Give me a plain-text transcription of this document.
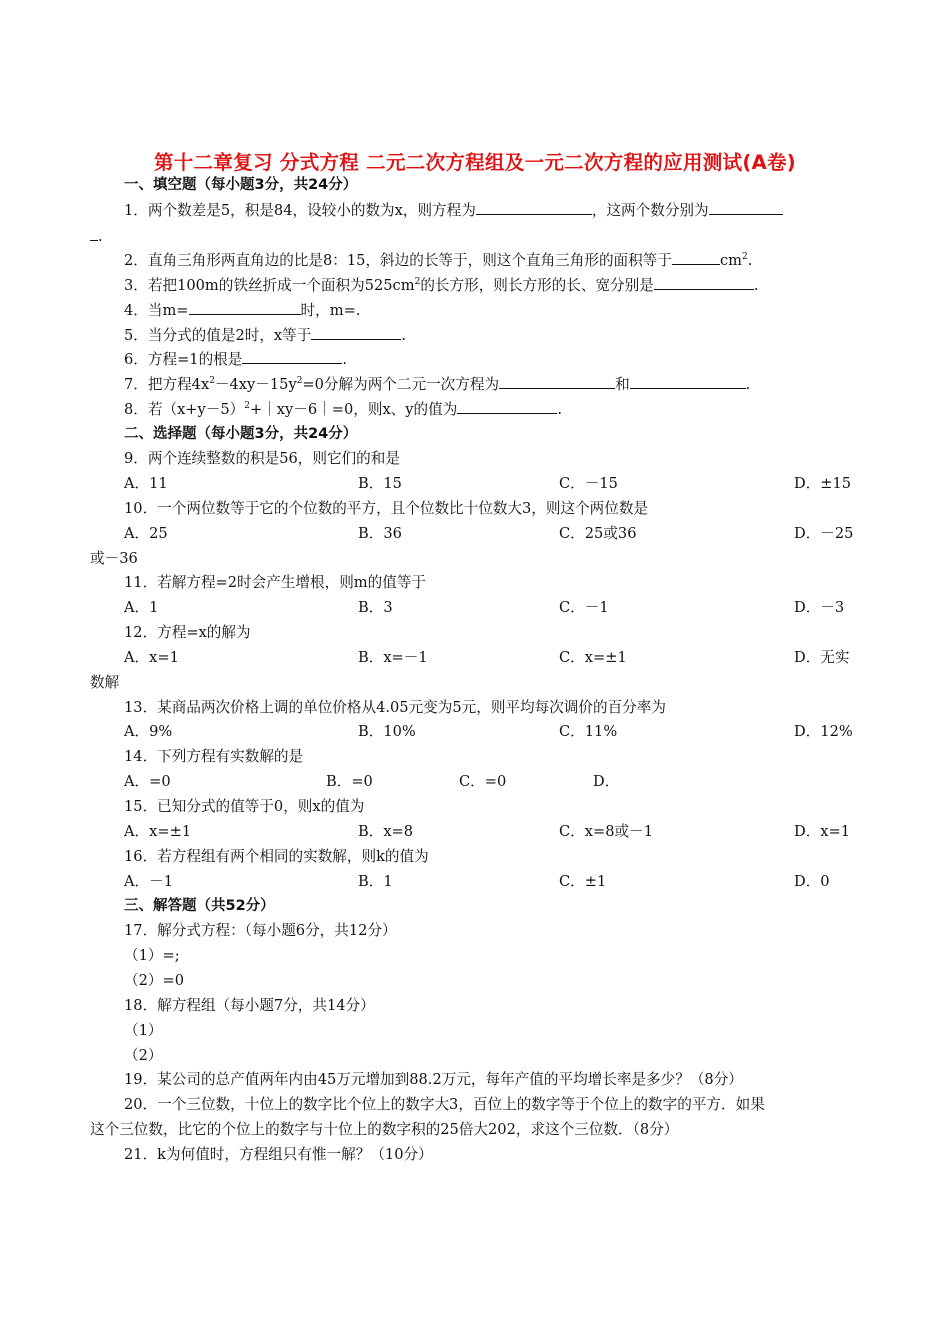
第十二章复习 分式方程 二元二次方程组及一元二次方程的应用测试(A卷)
一、填空题（每小题3分，共24分）
1．两个数差是5，积是84，设较小的数为x，则方程为	，这两个数分别为
.
2．直角三角形两直角边的比是8：15，斜边的长等于，则这个直角三角形的面积等于	$cm^2$.
3．若把100m的铁丝折成一个面积为$525cm^2$的长方形，则长方形的长、宽分别是	.
4．当m=	时，m=.
5．当分式的值是2时，x等于	.
6．方程=1的根是	.
7．把方程$4x^2-4xy-15y^2=0$分解为两个二元一次方程为	和	.
8．若$(x+y-5)^2+|xy-6|=0$，则x、y的值为	.
二、选择题（每小题3分，共24分）
9．两个连续整数的积是56，则它们的和是
A．11	B．15	C．－15	D．±15
10．一个两位数等于它的个位数的平方，且个位数比十位数大3，则这个两位数是
A．25	B．36	C．25或36	D．－25
或－36
11．若解方程=2时会产生增根，则m的值等于
A．1	B．3	C．－1	D．－3
12．方程=x的解为
A．x=1	B．x=－1	C．x=±1	D．无实
数解
13．某商品两次价格上调的单位价格从4.05元变为5元，则平均每次调价的百分率为
A．9%	B．10%	C．11%	D．12%
14．下列方程有实数解的是
A．=0	B．=0	C．=0	D．
15．已知分式的值等于0，则x的值为
A．x=±1	B．x=8	C．x=8或－1	D．x=1
16．若方程组有两个相同的实数解，则k的值为
A．－1	B．1	C．±1	D．0
三、解答题（共52分）
17．解分式方程：（每小题6分，共12分）
（1）=;
（2）=0
18．解方程组（每小题7分，共14分）
（1）
（2）
19．某公司的总产值两年内由45万元增加到88.2万元，每年产值的平均增长率是多少？（8分）
20．一个三位数，十位上的数字比个位上的数字大3，百位上的数字等于个位上的数字的平方．如果
这个三位数，比它的个位上的数字与十位上的数字积的25倍大202，求这个三位数．（8分）
21．k为何值时，方程组只有惟一解？（10分）
